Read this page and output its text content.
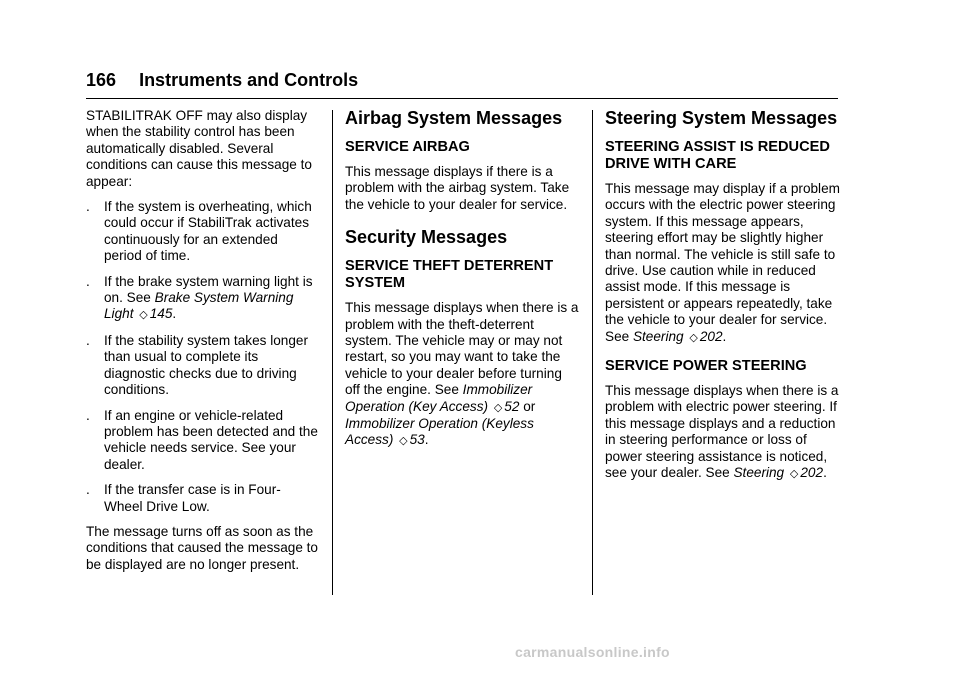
166 Instruments and Controls

STABILITRAK OFF may also display when the stability control has been automatically disabled. Several conditions can cause this message to appear:

. If the system is overheating, which could occur if StabiliTrak activates continuously for an extended period of time.
. If the brake system warning light is on. See Brake System Warning Light ◇ 145.
. If the stability system takes longer than usual to complete its diagnostic checks due to driving conditions.
. If an engine or vehicle-related problem has been detected and the vehicle needs service. See your dealer.
. If the transfer case is in Four-Wheel Drive Low.

The message turns off as soon as the conditions that caused the message to be displayed are no longer present.

Airbag System Messages
SERVICE AIRBAG

This message displays if there is a problem with the airbag system. Take the vehicle to your dealer for service.

Security Messages
SERVICE THEFT DETERRENT SYSTEM

This message displays when there is a problem with the theft-deterrent system. The vehicle may or may not restart, so you may want to take the vehicle to your dealer before turning off the engine. See Immobilizer Operation (Key Access) ◇ 52 or Immobilizer Operation (Keyless Access) ◇ 53.

Steering System Messages
STEERING ASSIST IS REDUCED DRIVE WITH CARE

This message may display if a problem occurs with the electric power steering system. If this message appears, steering effort may be slightly higher than normal. The vehicle is still safe to drive. Use caution while in reduced assist mode. If this message is persistent or appears repeatedly, take the vehicle to your dealer for service. See Steering ◇ 202.

SERVICE POWER STEERING

This message displays when there is a problem with electric power steering. If this message displays and a reduction in steering performance or loss of power steering assistance is noticed, see your dealer. See Steering ◇ 202.

carmanualsonline.info
